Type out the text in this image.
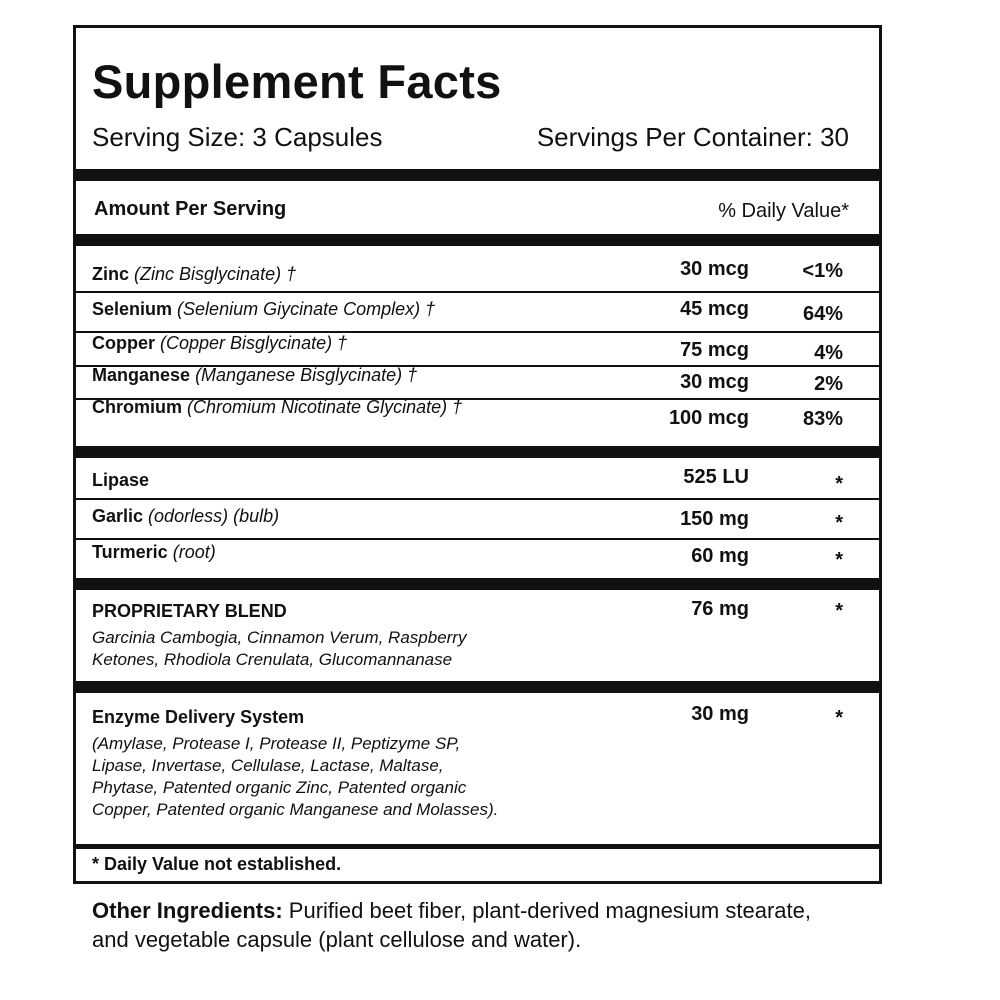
Supplement Facts
Serving Size: 3 Capsules	Servings Per Container: 30
Amount Per Serving	% Daily Value*
Zinc (Zinc Bisglycinate) †	30 mcg	<1%
Selenium (Selenium Giycinate Complex) †	45 mcg	64%
Copper (Copper Bisglycinate) †	75 mcg	4%
Manganese (Manganese Bisglycinate) †	30 mcg	2%
Chromium (Chromium Nicotinate Glycinate) †	100 mcg	83%
Lipase	525 LU	*
Garlic (odorless) (bulb)	150 mg	*
Turmeric (root)	60 mg	*
PROPRIETARY BLEND	76 mg	*
Garcinia Cambogia, Cinnamon Verum, Raspberry
Ketones, Rhodiola Crenulata, Glucomannanase
Enzyme Delivery System	30 mg	*
(Amylase, Protease I, Protease II, Peptizyme SP,
Lipase, Invertase, Cellulase, Lactase, Maltase,
Phytase, Patented organic Zinc, Patented organic
Copper, Patented organic Manganese and Molasses).
* Daily Value not established.
Other Ingredients: Purified beet fiber, plant-derived magnesium stearate, and vegetable capsule (plant cellulose and water).
